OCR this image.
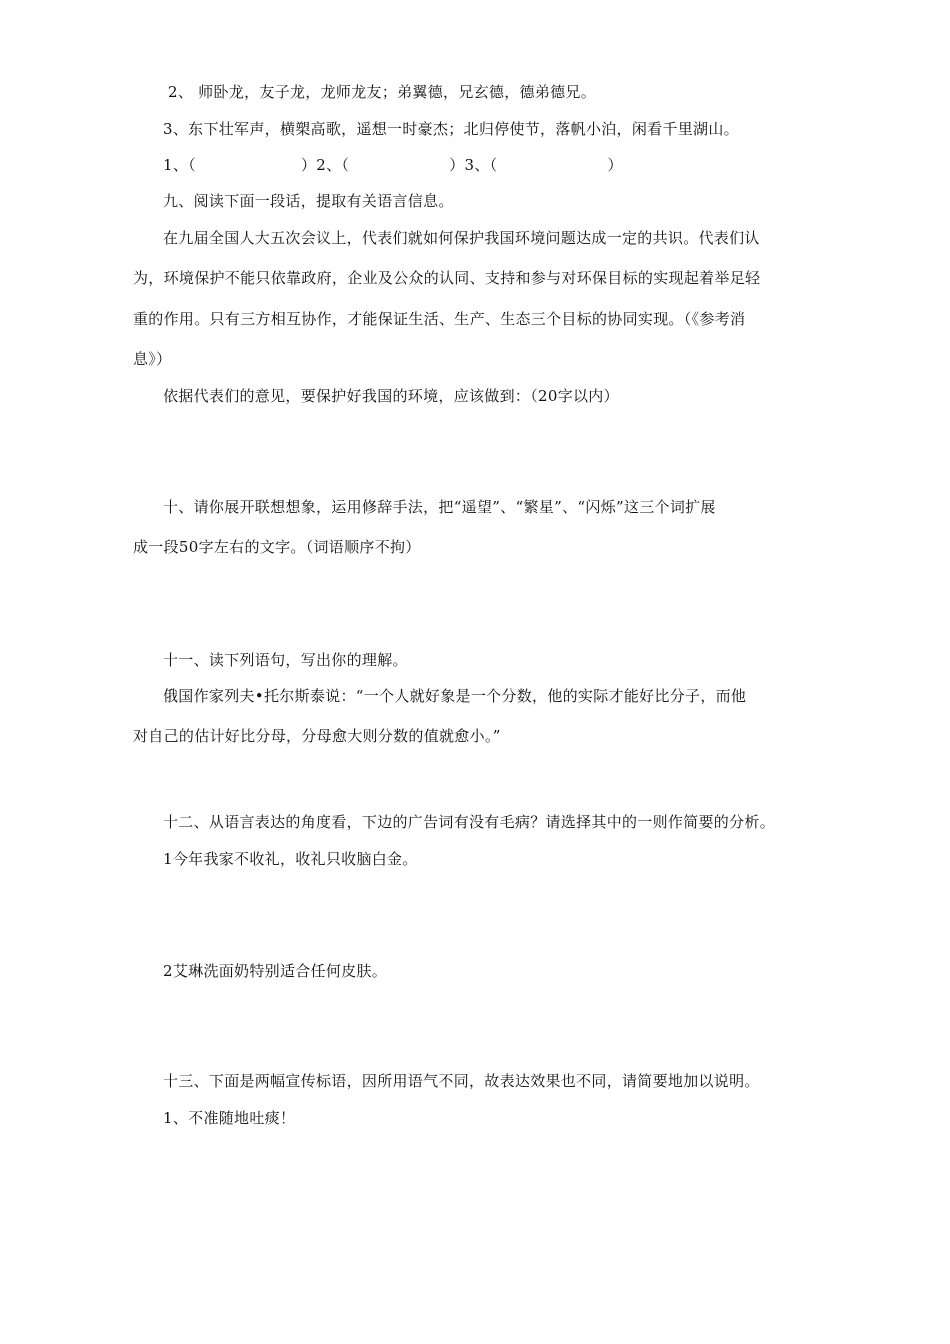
2、 师卧龙，友子龙，龙师龙友；弟翼德，兄玄德，德弟德兄。
3、东下壮军声，横槊高歌，遥想一时豪杰；北归停使节，落帆小泊，闲看千里湖山。
1、（	）2、（	）3、（	）
九、阅读下面一段话，提取有关语言信息。
在九届全国人大五次会议上，代表们就如何保护我国环境问题达成一定的共识。代表们认
为，环境保护不能只依靠政府，企业及公众的认同、支持和参与对环保目标的实现起着举足轻
重的作用。只有三方相互协作，才能保证生活、生产、生态三个目标的协同实现。（《参考消
息》）
依据代表们的意见，要保护好我国的环境，应该做到：（20字以内）
十、请你展开联想想象，运用修辞手法，把“遥望”、“繁星”、“闪烁”这三个词扩展
成一段50字左右的文字。（词语顺序不拘）
十一、读下列语句，写出你的理解。
俄国作家列夫•托尔斯泰说：“一个人就好象是一个分数，他的实际才能好比分子，而他
对自己的估计好比分母，分母愈大则分数的值就愈小。”
十二、从语言表达的角度看，下边的广告词有没有毛病？请选择其中的一则作简要的分析。
1今年我家不收礼，收礼只收脑白金。
2艾琳洗面奶特别适合任何皮肤。
十三、下面是两幅宣传标语，因所用语气不同，故表达效果也不同，请简要地加以说明。
1、不准随地吐痰！
